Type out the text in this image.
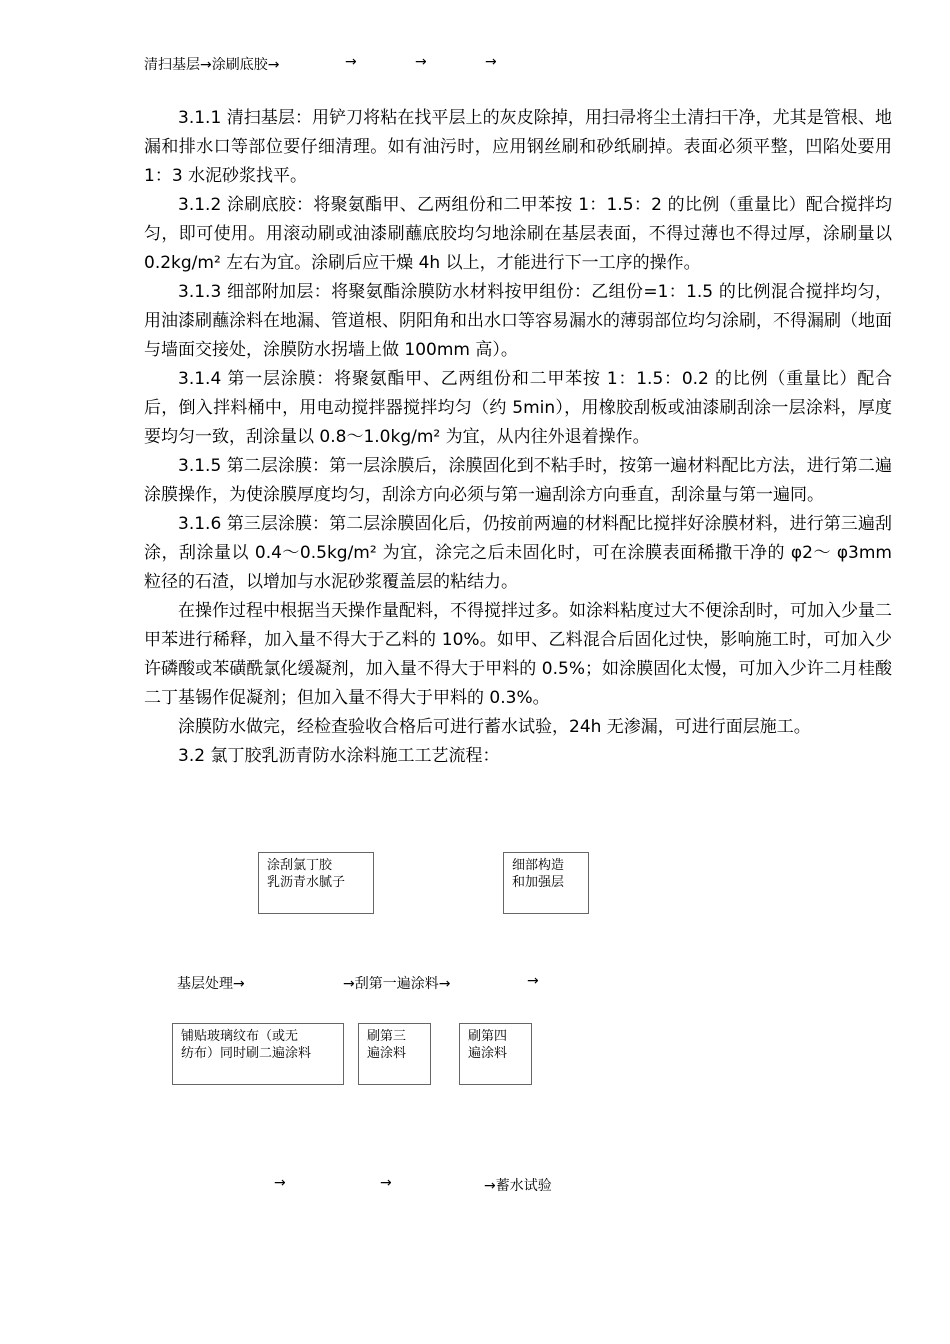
清扫基层→涂刷底胶→	→	→	→

3.1.1 清扫基层：用铲刀将粘在找平层上的灰皮除掉，用扫帚将尘土清扫干净，尤其是管根、地漏和排水口等部位要仔细清理。如有油污时，应用钢丝刷和砂纸刷掉。表面必须平整，凹陷处要用 1：3 水泥砂浆找平。

3.1.2 涂刷底胶：将聚氨酯甲、乙两组份和二甲苯按 1：1.5：2 的比例（重量比）配合搅拌均匀，即可使用。用滚动刷或油漆刷蘸底胶均匀地涂刷在基层表面，不得过薄也不得过厚，涂刷量以 0.2kg/m² 左右为宜。涂刷后应干燥 4h 以上，才能进行下一工序的操作。

3.1.3 细部附加层：将聚氨酯涂膜防水材料按甲组份：乙组份=1：1.5 的比例混合搅拌均匀，用油漆刷蘸涂料在地漏、管道根、阴阳角和出水口等容易漏水的薄弱部位均匀涂刷，不得漏刷（地面与墙面交接处，涂膜防水拐墙上做 100mm 高）。

3.1.4 第一层涂膜：将聚氨酯甲、乙两组份和二甲苯按 1：1.5：0.2 的比例（重量比）配合后，倒入拌料桶中，用电动搅拌器搅拌均匀（约 5min），用橡胶刮板或油漆刷刮涂一层涂料，厚度要均匀一致，刮涂量以 0.8～1.0kg/m² 为宜，从内往外退着操作。

3.1.5 第二层涂膜：第一层涂膜后，涂膜固化到不粘手时，按第一遍材料配比方法，进行第二遍涂膜操作，为使涂膜厚度均匀，刮涂方向必须与第一遍刮涂方向垂直，刮涂量与第一遍同。

3.1.6 第三层涂膜：第二层涂膜固化后，仍按前两遍的材料配比搅拌好涂膜材料，进行第三遍刮涂，刮涂量以 0.4～0.5kg/m² 为宜，涂完之后未固化时，可在涂膜表面稀撒干净的 φ2～ φ3mm 粒径的石渣，以增加与水泥砂浆覆盖层的粘结力。

在操作过程中根据当天操作量配料，不得搅拌过多。如涂料粘度过大不便涂刮时，可加入少量二甲苯进行稀释，加入量不得大于乙料的 10%。如甲、乙料混合后固化过快，影响施工时，可加入少许磷酸或苯磺酰氯化缓凝剂，加入量不得大于甲料的 0.5%；如涂膜固化太慢，可加入少许二月桂酸二丁基锡作促凝剂；但加入量不得大于甲料的 0.3%。

涂膜防水做完，经检查验收合格后可进行蓄水试验，24h 无渗漏，可进行面层施工。

3.2 氯丁胶乳沥青防水涂料施工工艺流程：

涂刮氯丁胶
乳沥青水腻子
细部构造
和加强层
基层处理→	→刮第一遍涂料→	→
铺贴玻璃纹布（或无
纺布）同时刷二遍涂料
刷第三
遍涂料
刷第四
遍涂料
→	→	→蓄水试验
